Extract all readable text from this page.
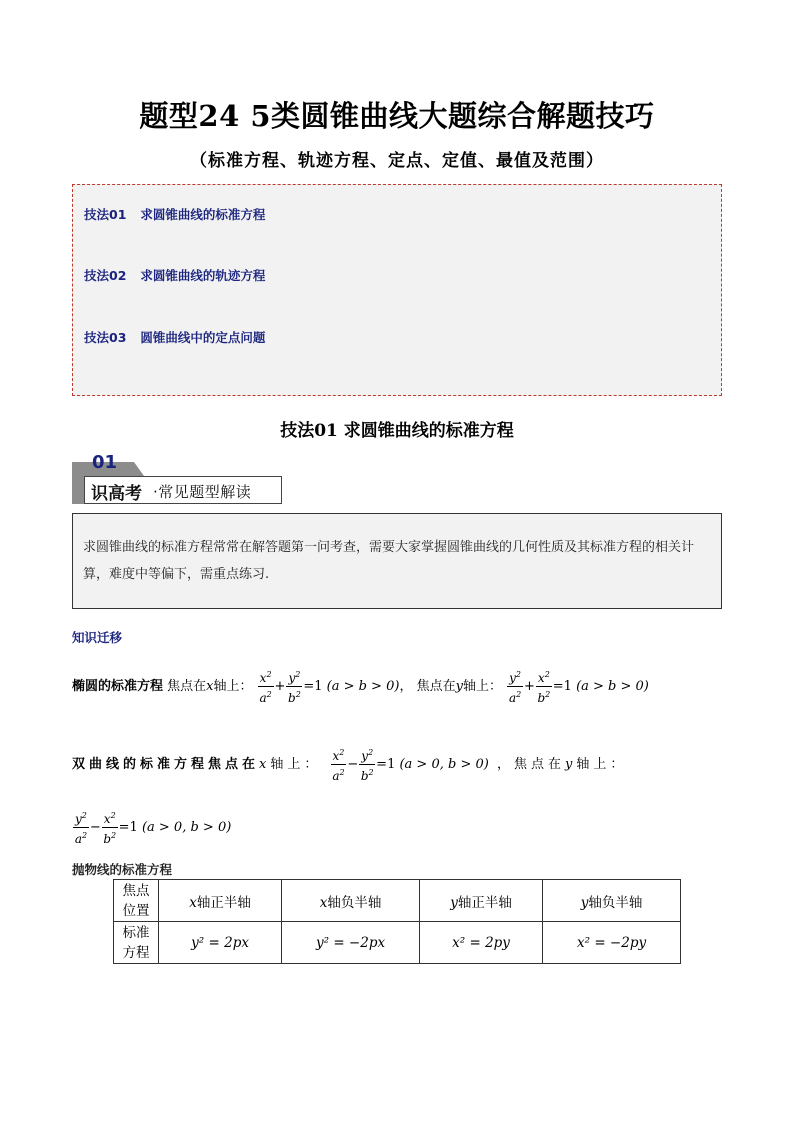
题型24 5类圆锥曲线大题综合解题技巧
（标准方程、轨迹方程、定点、定值、最值及范围）
技法01 求圆锥曲线的标准方程
技法02 求圆锥曲线的轨迹方程
技法03 圆锥曲线中的定点问题
技法01 求圆锥曲线的标准方程
01
识高考 ·常见题型解读
求圆锥曲线的标准方程常常在解答题第一问考查，需要大家掌握圆锥曲线的几何性质及其标准方程的相关计算，难度中等偏下，需重点练习.
知识迁移
椭圆的标准方程 焦点在x轴上： $\frac{x^2}{a^2} + \frac{y^2}{b^2} =1$ (a > b > 0)， 焦点在y轴上： $\frac{y^2}{a^2} + \frac{x^2}{b^2} =1$ (a > b > 0)
双曲线的标准方程焦点在x轴上： $\frac{x^2}{a^2} - \frac{y^2}{b^2} =1$ (a > 0, b > 0) ，焦点在y轴上：
$\frac{y^2}{a^2} - \frac{x^2}{b^2} =1$ (a > 0, b > 0)
抛物线的标准方程
焦点
位置	x轴正半轴	x轴负半轴	y轴正半轴	y轴负半轴

标准
方程	y² = 2px	y² = −2px	x² = 2py	x² = −2py
